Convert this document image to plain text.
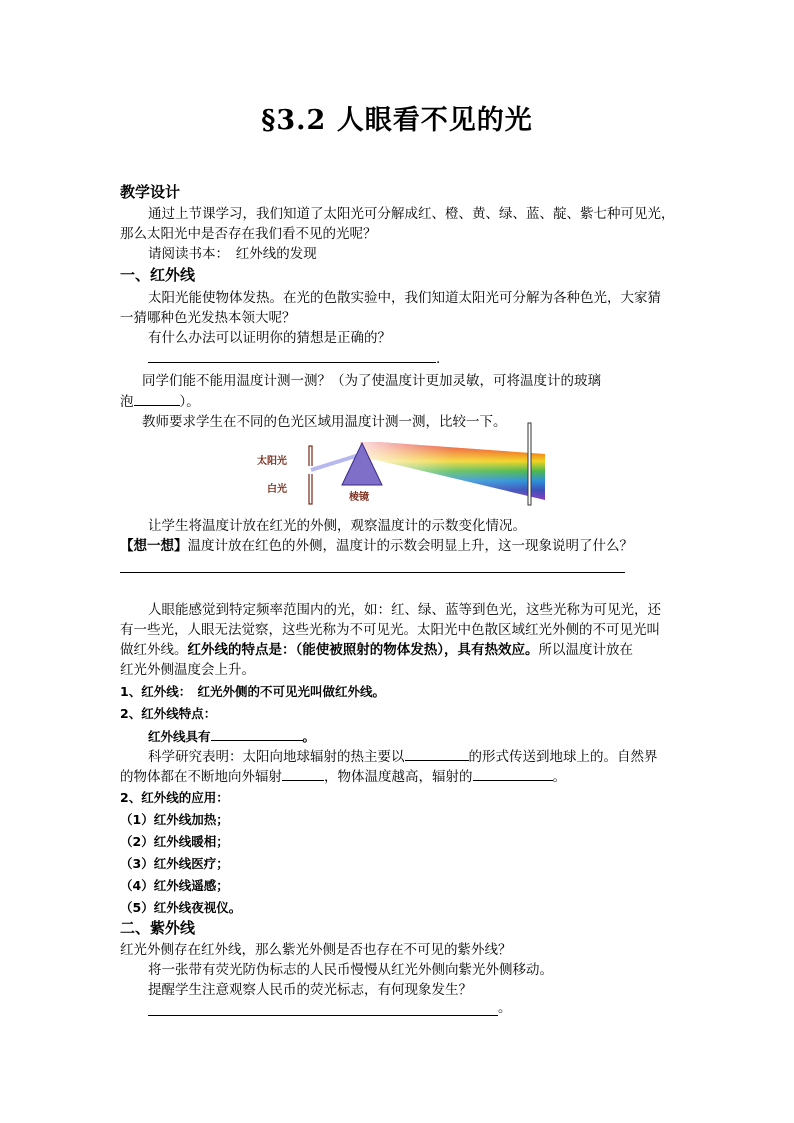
§3.2 人眼看不见的光
教学设计
通过上节课学习，我们知道了太阳光可分解成红、橙、黄、绿、蓝、靛、紫七种可见光，
那么太阳光中是否存在我们看不见的光呢？
请阅读书本：　红外线的发现
一、红外线
太阳光能使物体发热。在光的色散实验中，我们知道太阳光可分解为各种色光，大家猜
一猜哪种色光发热本领大呢？
有什么办法可以证明你的猜想是正确的？
.
同学们能不能用温度计测一测？（为了使温度计更加灵敏，可将温度计的玻璃
泡	）。
教师要求学生在不同的色光区域用温度计测一测，比较一下。
太阳光
白光
棱镜
让学生将温度计放在红光的外侧，观察温度计的示数变化情况。
【想一想】温度计放在红色的外侧，温度计的示数会明显上升，这一现象说明了什么？
人眼能感觉到特定频率范围内的光，如：红、绿、蓝等到色光，这些光称为可见光，还
有一些光，人眼无法觉察，这些光称为不可见光。太阳光中色散区域红光外侧的不可见光叫
做红外线。红外线的特点是：（能使被照射的物体发热），具有热效应。所以温度计放在
红光外侧温度会上升。
1、红外线：　红光外侧的不可见光叫做红外线。
2、红外线特点：
红外线具有	。
科学研究表明：太阳向地球辐射的热主要以	的形式传送到地球上的。自然界
的物体都在不断地向外辐射	，物体温度越高，辐射的	。
2、红外线的应用：
（1）红外线加热；
（2）红外线暖相；
（3）红外线医疗；
（4）红外线遥感；
（5）红外线夜视仪。
二、紫外线
红光外侧存在红外线，那么紫光外侧是否也存在不可见的紫外线？
将一张带有荧光防伪标志的人民币慢慢从红光外侧向紫光外侧移动。
提醒学生注意观察人民币的荧光标志，有何现象发生？
。
